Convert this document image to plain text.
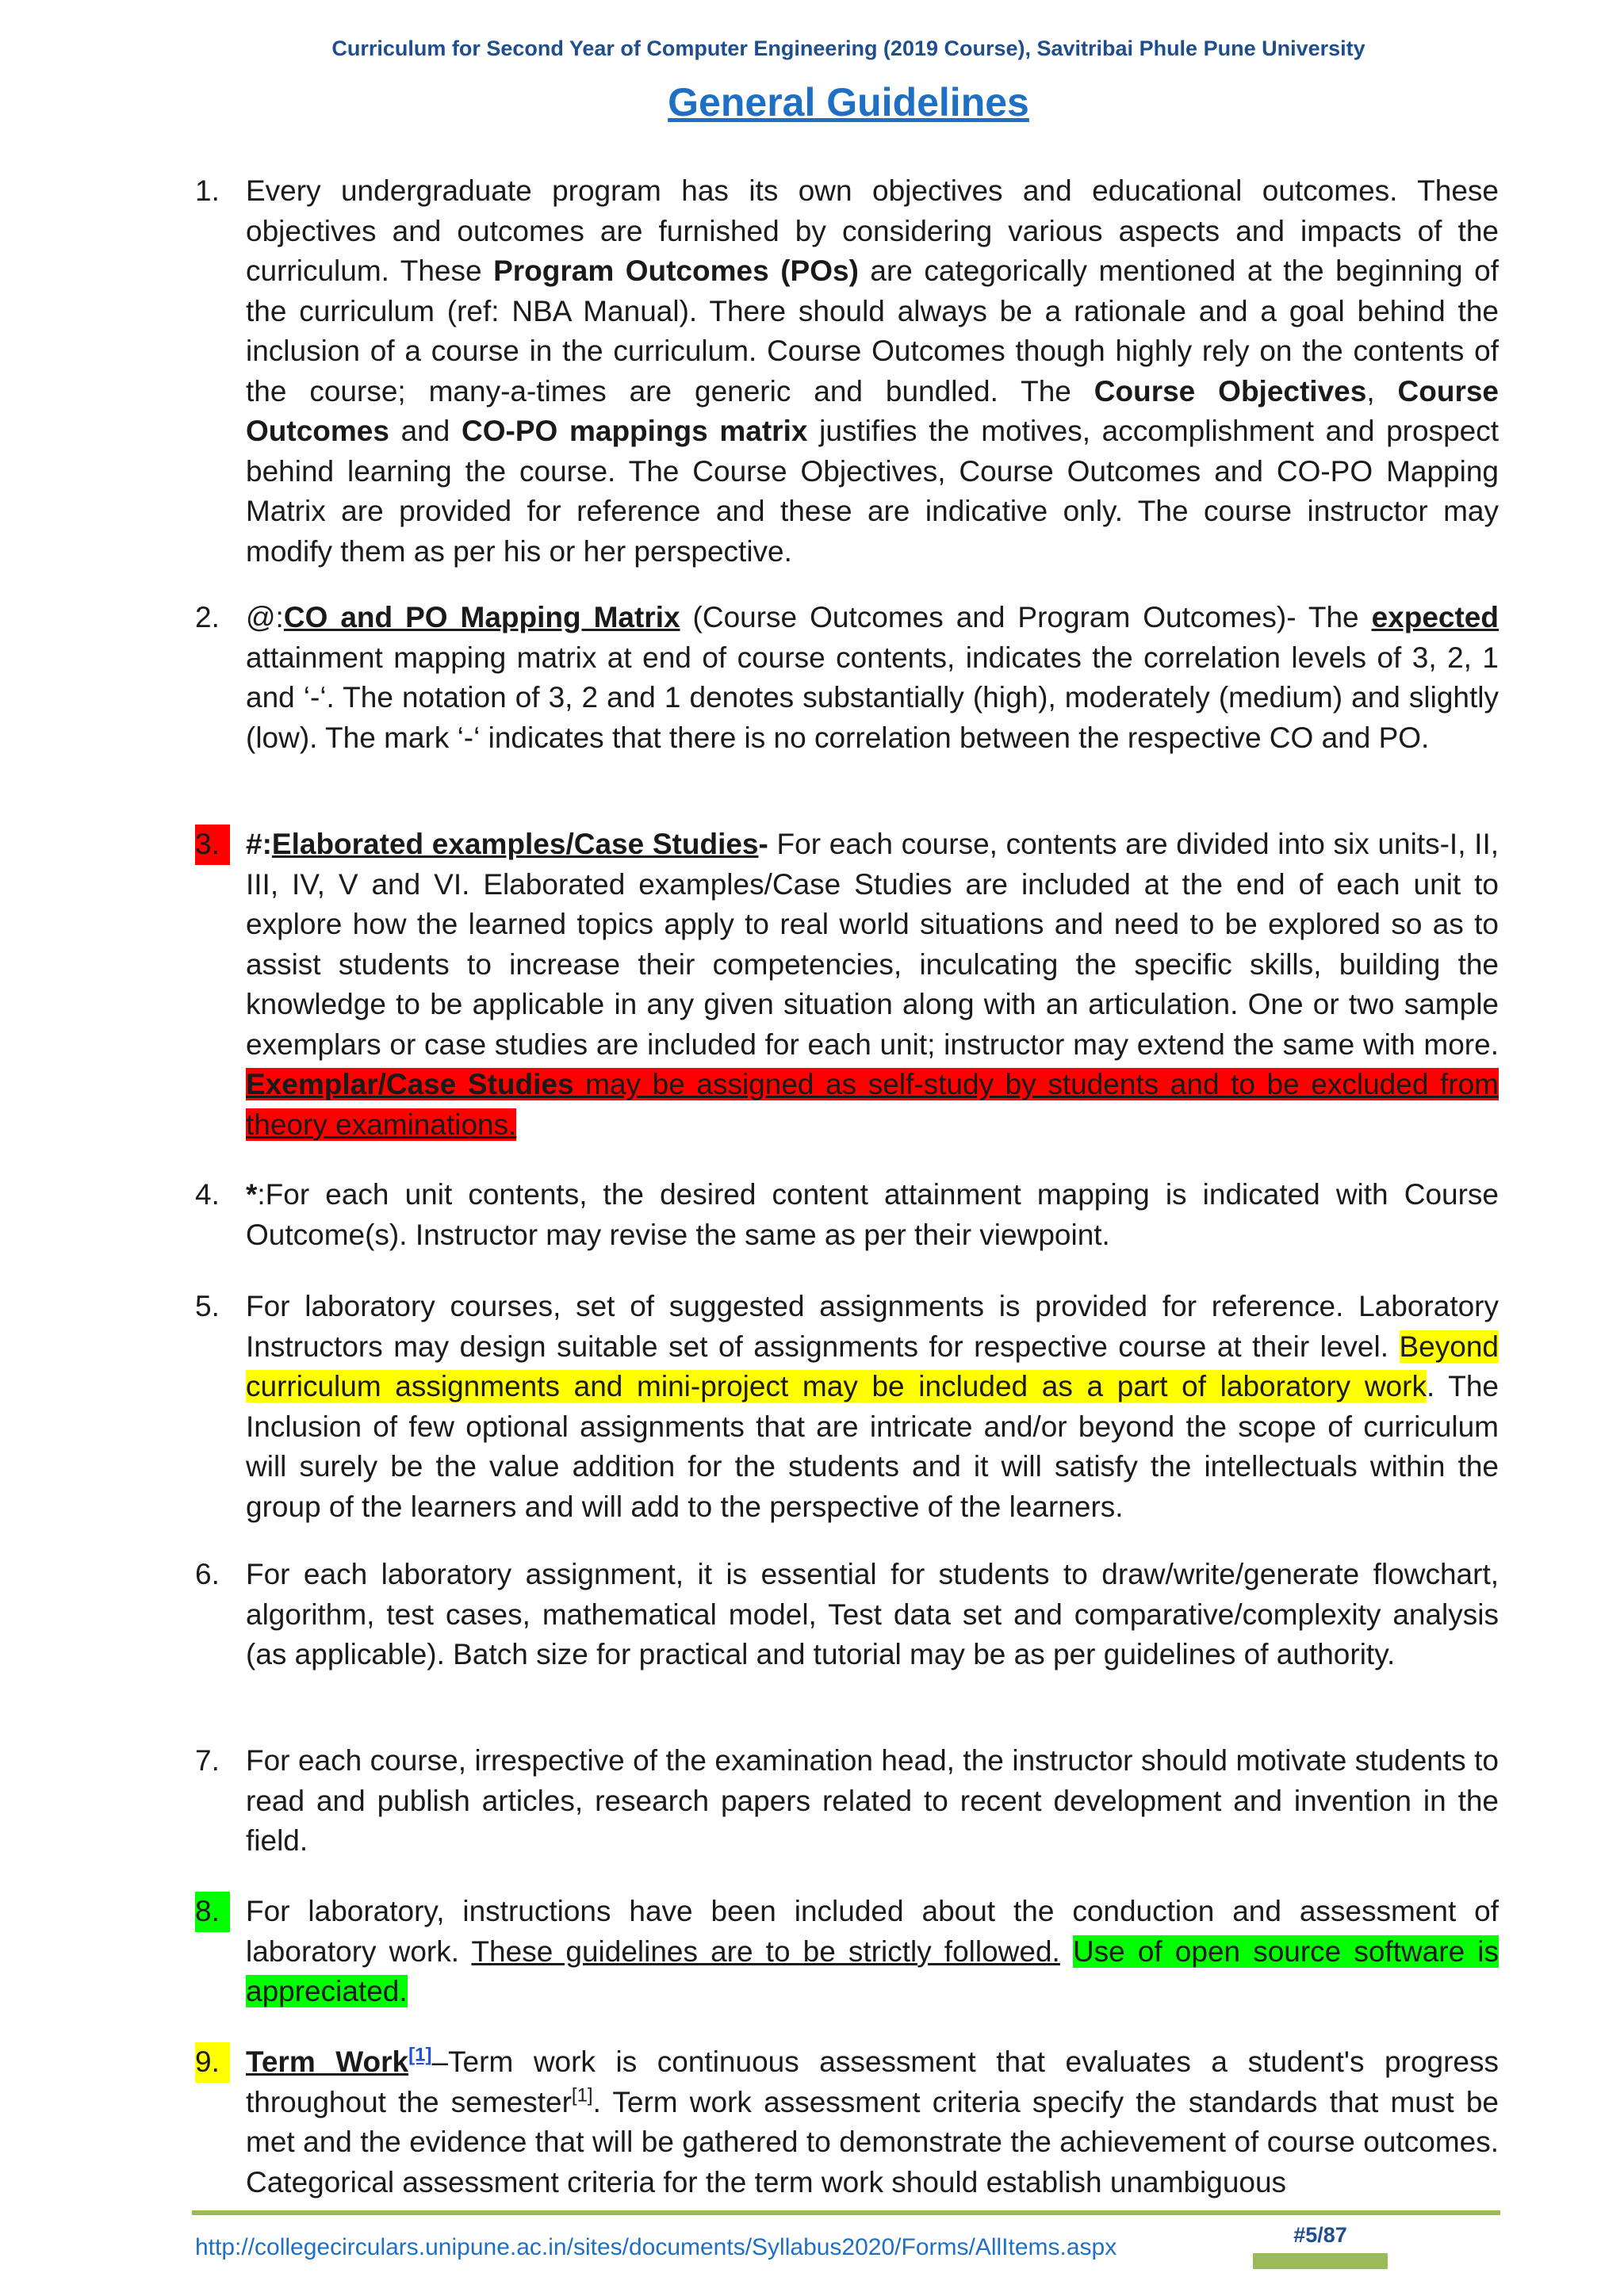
Curriculum for Second Year of Computer Engineering (2019 Course), Savitribai Phule Pune University
General Guidelines
1. Every undergraduate program has its own objectives and educational outcomes. These objectives and outcomes are furnished by considering various aspects and impacts of the curriculum. These Program Outcomes (POs) are categorically mentioned at the beginning of the curriculum (ref: NBA Manual). There should always be a rationale and a goal behind the inclusion of a course in the curriculum. Course Outcomes though highly rely on the contents of the course; many-a-times are generic and bundled. The Course Objectives, Course Outcomes and CO-PO mappings matrix justifies the motives, accomplishment and prospect behind learning the course. The Course Objectives, Course Outcomes and CO-PO Mapping Matrix are provided for reference and these are indicative only. The course instructor may modify them as per his or her perspective.
2. @:CO and PO Mapping Matrix (Course Outcomes and Program Outcomes)- The expected attainment mapping matrix at end of course contents, indicates the correlation levels of 3, 2, 1 and ‘-‘. The notation of 3, 2 and 1 denotes substantially (high), moderately (medium) and slightly (low). The mark ‘-‘ indicates that there is no correlation between the respective CO and PO.
3. #:Elaborated examples/Case Studies- For each course, contents are divided into six units-I, II, III, IV, V and VI. Elaborated examples/Case Studies are included at the end of each unit to explore how the learned topics apply to real world situations and need to be explored so as to assist students to increase their competencies, inculcating the specific skills, building the knowledge to be applicable in any given situation along with an articulation. One or two sample exemplars or case studies are included for each unit; instructor may extend the same with more. Exemplar/Case Studies may be assigned as self-study by students and to be excluded from theory examinations.
4. *:For each unit contents, the desired content attainment mapping is indicated with Course Outcome(s). Instructor may revise the same as per their viewpoint.
5. For laboratory courses, set of suggested assignments is provided for reference. Laboratory Instructors may design suitable set of assignments for respective course at their level. Beyond curriculum assignments and mini-project may be included as a part of laboratory work. The Inclusion of few optional assignments that are intricate and/or beyond the scope of curriculum will surely be the value addition for the students and it will satisfy the intellectuals within the group of the learners and will add to the perspective of the learners.
6. For each laboratory assignment, it is essential for students to draw/write/generate flowchart, algorithm, test cases, mathematical model, Test data set and comparative/complexity analysis (as applicable). Batch size for practical and tutorial may be as per guidelines of authority.
7. For each course, irrespective of the examination head, the instructor should motivate students to read and publish articles, research papers related to recent development and invention in the field.
8. For laboratory, instructions have been included about the conduction and assessment of laboratory work. These guidelines are to be strictly followed. Use of open source software is appreciated.
9. Term Work[1]–Term work is continuous assessment that evaluates a student's progress throughout the semester[1]. Term work assessment criteria specify the standards that must be met and the evidence that will be gathered to demonstrate the achievement of course outcomes. Categorical assessment criteria for the term work should establish unambiguous
http://collegecirculars.unipune.ac.in/sites/documents/Syllabus2020/Forms/AllItems.aspx	#5/87
